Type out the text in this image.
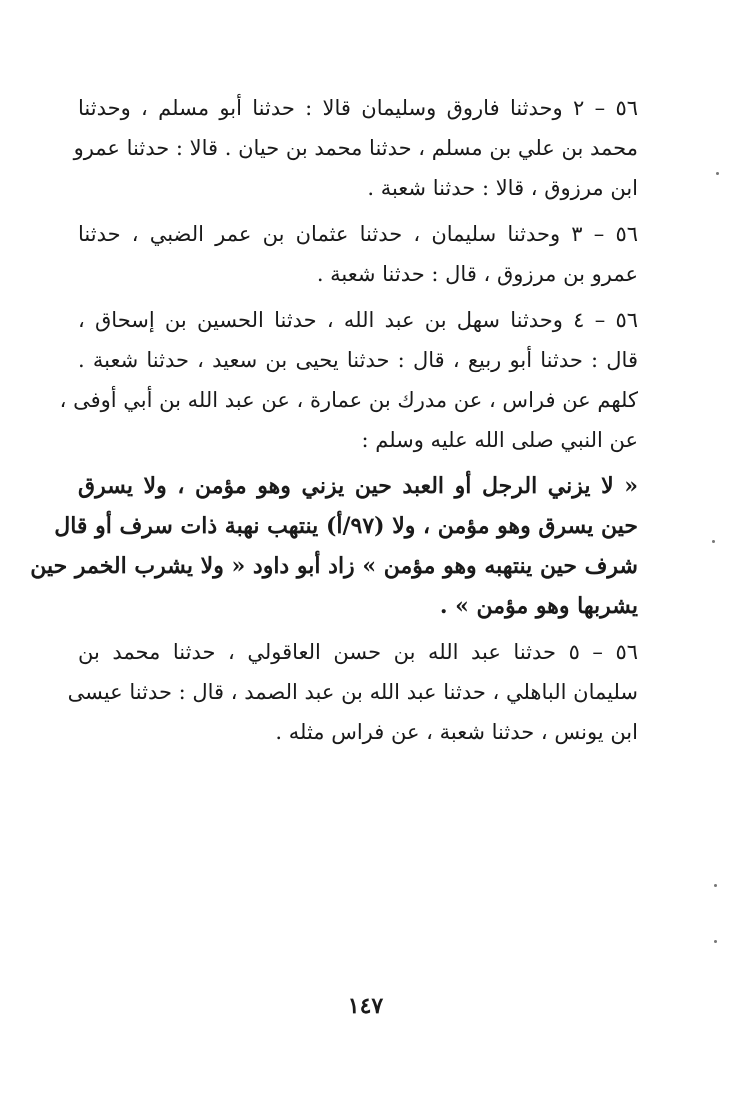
٥٦ – ٢ وحدثنا فاروق وسليمان قالا : حدثنا أبو مسلم ، وحدثنا
محمد بن علي بن مسلم ، حدثنا محمد بن حيان . قالا : حدثنا عمرو
ابن مرزوق ، قالا : حدثنا شعبة .
٥٦ – ٣ وحدثنا سليمان ، حدثنا عثمان بن عمر الضبي ، حدثنا
عمرو بن مرزوق ، قال : حدثنا شعبة .
٥٦ – ٤ وحدثنا سهل بن عبد الله ، حدثنا الحسين بن إسحاق ،
قال : حدثنا أبو ربيع ، قال : حدثنا يحيى بن سعيد ، حدثنا شعبة .
كلهم عن فراس ، عن مدرك بن عمارة ، عن عبد الله بن أبي أوفى ،
عن النبي صلى الله عليه وسلم :
« لا يزني الرجل أو العبد حين يزني وهو مؤمن ، ولا يسرق
حين يسرق وهو مؤمن ، ولا (٩٧/أ) ينتهب نهبة ذات سرف أو قال
شرف حين ينتهبه وهو مؤمن » زاد أبو داود « ولا يشرب الخمر حين
يشربها وهو مؤمن » .
٥٦ – ٥ حدثنا عبد الله بن حسن العاقولي ، حدثنا محمد بن
سليمان الباهلي ، حدثنا عبد الله بن عبد الصمد ، قال : حدثنا عيسى
ابن يونس ، حدثنا شعبة ، عن فراس مثله .
١٤٧
